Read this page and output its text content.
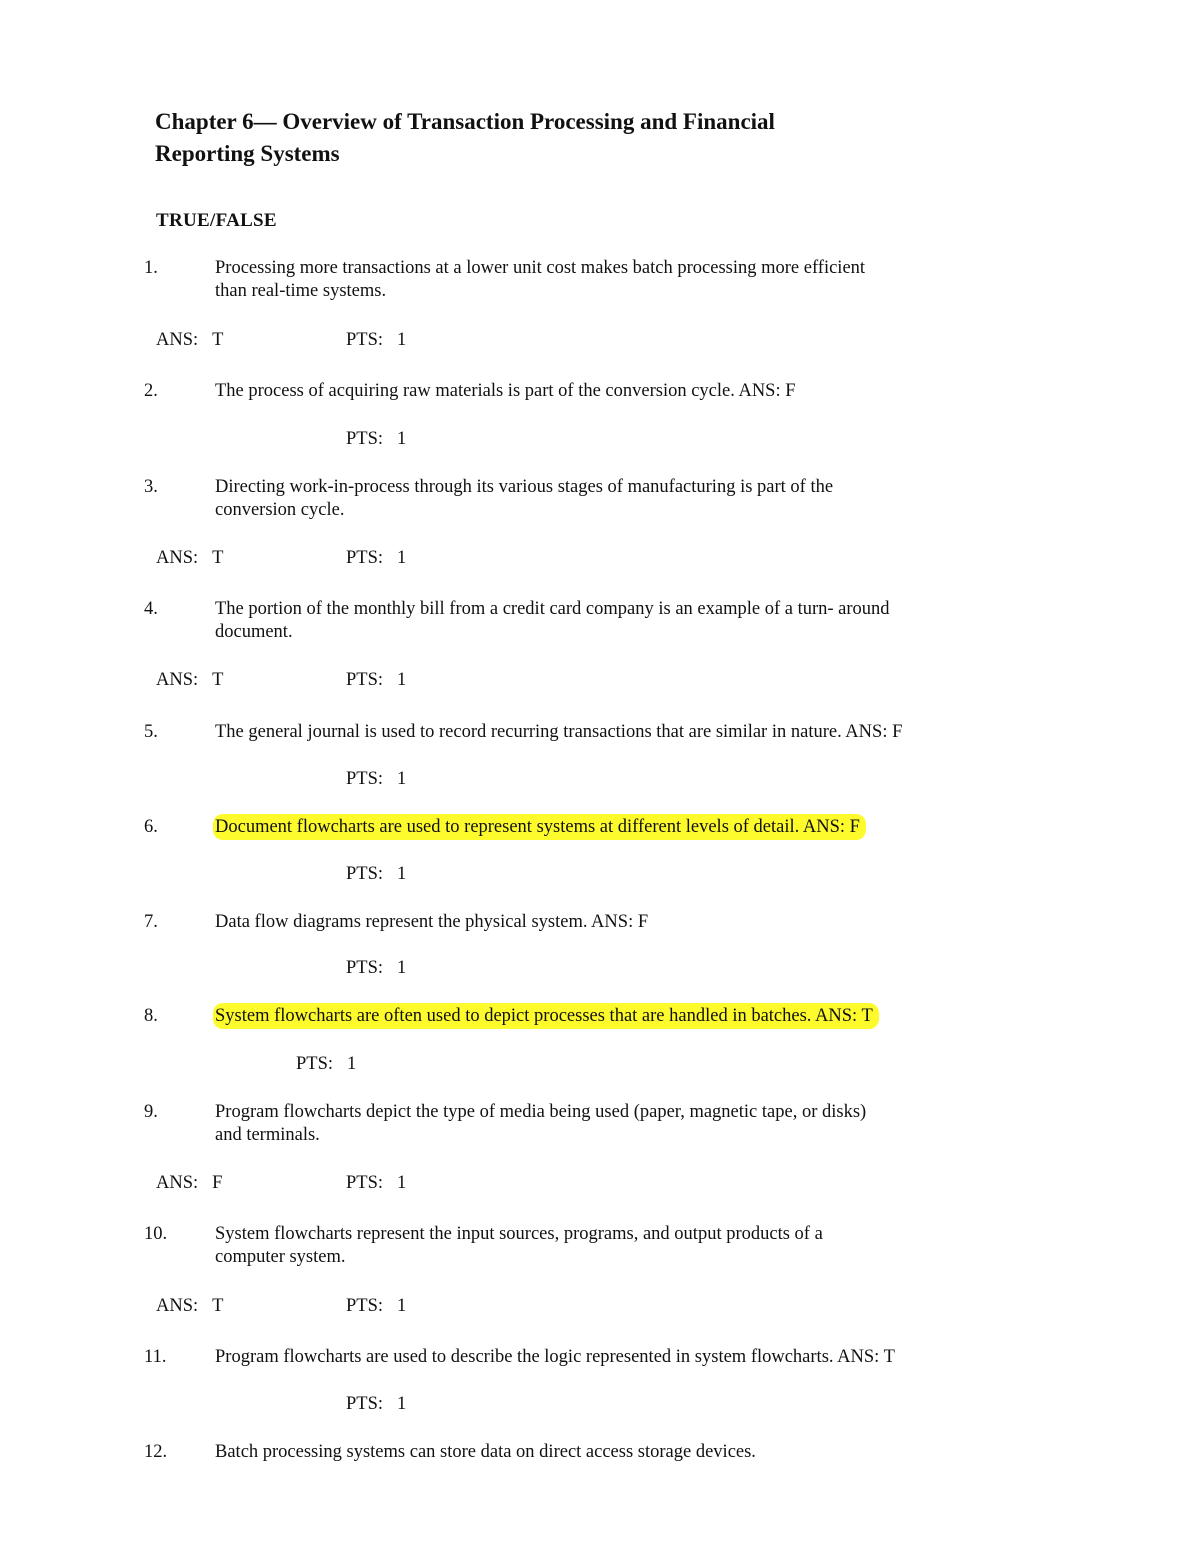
Chapter 6— Overview of Transaction Processing and Financial
Reporting Systems
TRUE/FALSE
1.	Processing more transactions at a lower unit cost makes batch processing more efficient
than real-time systems.
ANS: T	PTS: 1
2.	The process of acquiring raw materials is part of the conversion cycle. ANS: F
PTS: 1
3.	Directing work-in-process through its various stages of manufacturing is part of the
conversion cycle.
ANS: T	PTS: 1
4.	The portion of the monthly bill from a credit card company is an example of a turn- around
document.
ANS: T	PTS: 1
5.	The general journal is used to record recurring transactions that are similar in nature. ANS: F
PTS: 1
6.	Document flowcharts are used to represent systems at different levels of detail. ANS: F
PTS: 1
7.	Data flow diagrams represent the physical system. ANS: F
PTS: 1
8.	System flowcharts are often used to depict processes that are handled in batches. ANS: T
PTS: 1
9.	Program flowcharts depict the type of media being used (paper, magnetic tape, or disks)
and terminals.
ANS: F	PTS: 1
10.	System flowcharts represent the input sources, programs, and output products of a
computer system.
ANS: T	PTS: 1
11.	Program flowcharts are used to describe the logic represented in system flowcharts. ANS: T
PTS: 1
12.	Batch processing systems can store data on direct access storage devices.
